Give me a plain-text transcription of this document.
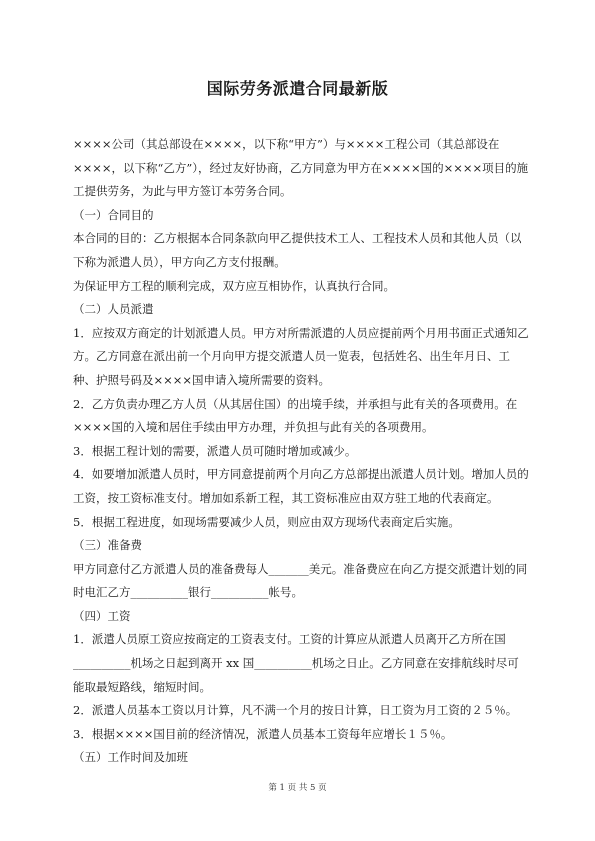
国际劳务派遣合同最新版

××××公司（其总部设在××××，以下称“甲方”）与××××工程公司（其总部设在××××，以下称“乙方”），经过友好协商，乙方同意为甲方在××××国的××××项目的施工提供劳务，为此与甲方签订本劳务合同。

（一）合同目的

本合同的目的：乙方根据本合同条款向甲乙提供技术工人、工程技术人员和其他人员（以下称为派遣人员），甲方向乙方支付报酬。

为保证甲方工程的顺利完成，双方应互相协作，认真执行合同。

（二）人员派遣

1．应按双方商定的计划派遣人员。甲方对所需派遣的人员应提前两个月用书面正式通知乙方。乙方同意在派出前一个月向甲方提交派遣人员一览表，包括姓名、出生年月日、工种、护照号码及××××国申请入境所需要的资料。

2．乙方负责办理乙方人员（从其居住国）的出境手续，并承担与此有关的各项费用。在××××国的入境和居住手续由甲方办理，并负担与此有关的各项费用。

3．根据工程计划的需要，派遣人员可随时增加或减少。

4．如要增加派遣人员时，甲方同意提前两个月向乙方总部提出派遣人员计划。增加人员的工资，按工资标准支付。增加如系新工程，其工资标准应由双方驻工地的代表商定。

5．根据工程进度，如现场需要减少人员，则应由双方现场代表商定后实施。

（三）准备费

甲方同意付乙方派遣人员的准备费每人_______美元。准备费应在向乙方提交派遣计划的同时电汇乙方__________银行__________帐号。

（四）工资

1．派遣人员原工资应按商定的工资表支付。工资的计算应从派遣人员离开乙方所在国__________机场之日起到离开 xx 国__________机场之日止。乙方同意在安排航线时尽可能取最短路线，缩短时间。

2．派遣人员基本工资以月计算，凡不满一个月的按日计算，日工资为月工资的２５％。

3．根据××××国目前的经济情况，派遣人员基本工资每年应增长１５％。

（五）工作时间及加班

第 1 页 共 5 页
